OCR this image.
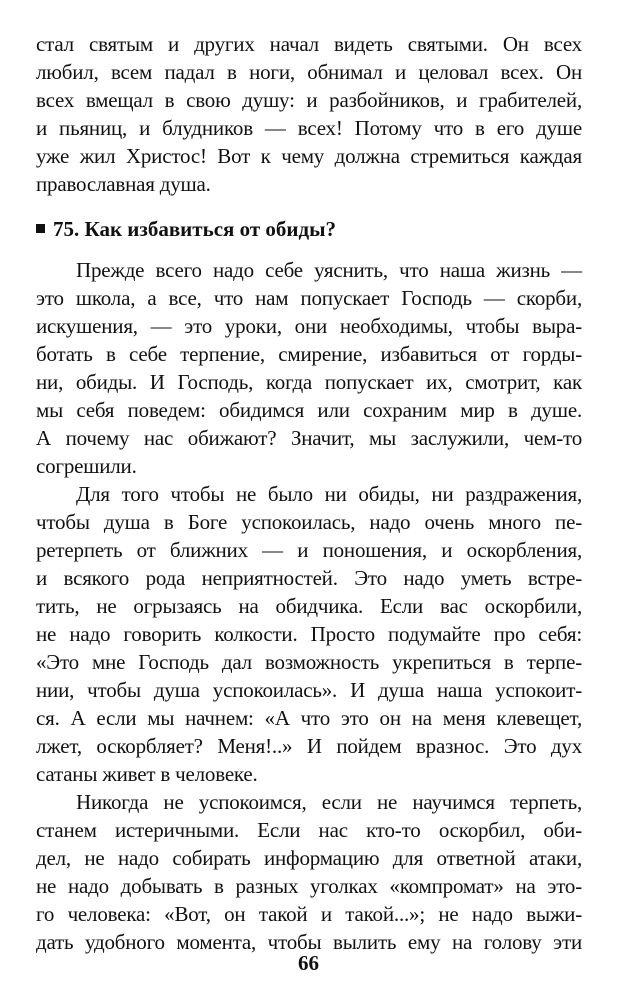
стал святым и других начал видеть святыми. Он всех
любил, всем падал в ноги, обнимал и целовал всех. Он
всех вмещал в свою душу: и разбойников, и грабителей,
и пьяниц, и блудников — всех! Потому что в его душе
уже жил Христос! Вот к чему должна стремиться каждая
православная душа.
75. Как избавиться от обиды?
Прежде всего надо себе уяснить, что наша жизнь —
это школа, а все, что нам попускает Господь — скорби,
искушения, — это уроки, они необходимы, чтобы выра-
ботать в себе терпение, смирение, избавиться от горды-
ни, обиды. И Господь, когда попускает их, смотрит, как
мы себя поведем: обидимся или сохраним мир в душе.
А почему нас обижают? Значит, мы заслужили, чем-то
согрешили.
Для того чтобы не было ни обиды, ни раздражения,
чтобы душа в Боге успокоилась, надо очень много пе-
ретерпеть от ближних — и поношения, и оскорбления,
и всякого рода неприятностей. Это надо уметь встре-
тить, не огрызаясь на обидчика. Если вас оскорбили,
не надо говорить колкости. Просто подумайте про себя:
«Это мне Господь дал возможность укрепиться в терпе-
нии, чтобы душа успокоилась». И душа наша успокоит-
ся. А если мы начнем: «А что это он на меня клевещет,
лжет, оскорбляет? Меня!..» И пойдем вразнос. Это дух
сатаны живет в человеке.
Никогда не успокоимся, если не научимся терпеть,
станем истеричными. Если нас кто-то оскорбил, оби-
дел, не надо собирать информацию для ответной атаки,
не надо добывать в разных уголках «компромат» на это-
го человека: «Вот, он такой и такой...»; не надо выжи-
дать удобного момента, чтобы вылить ему на голову эти
66
